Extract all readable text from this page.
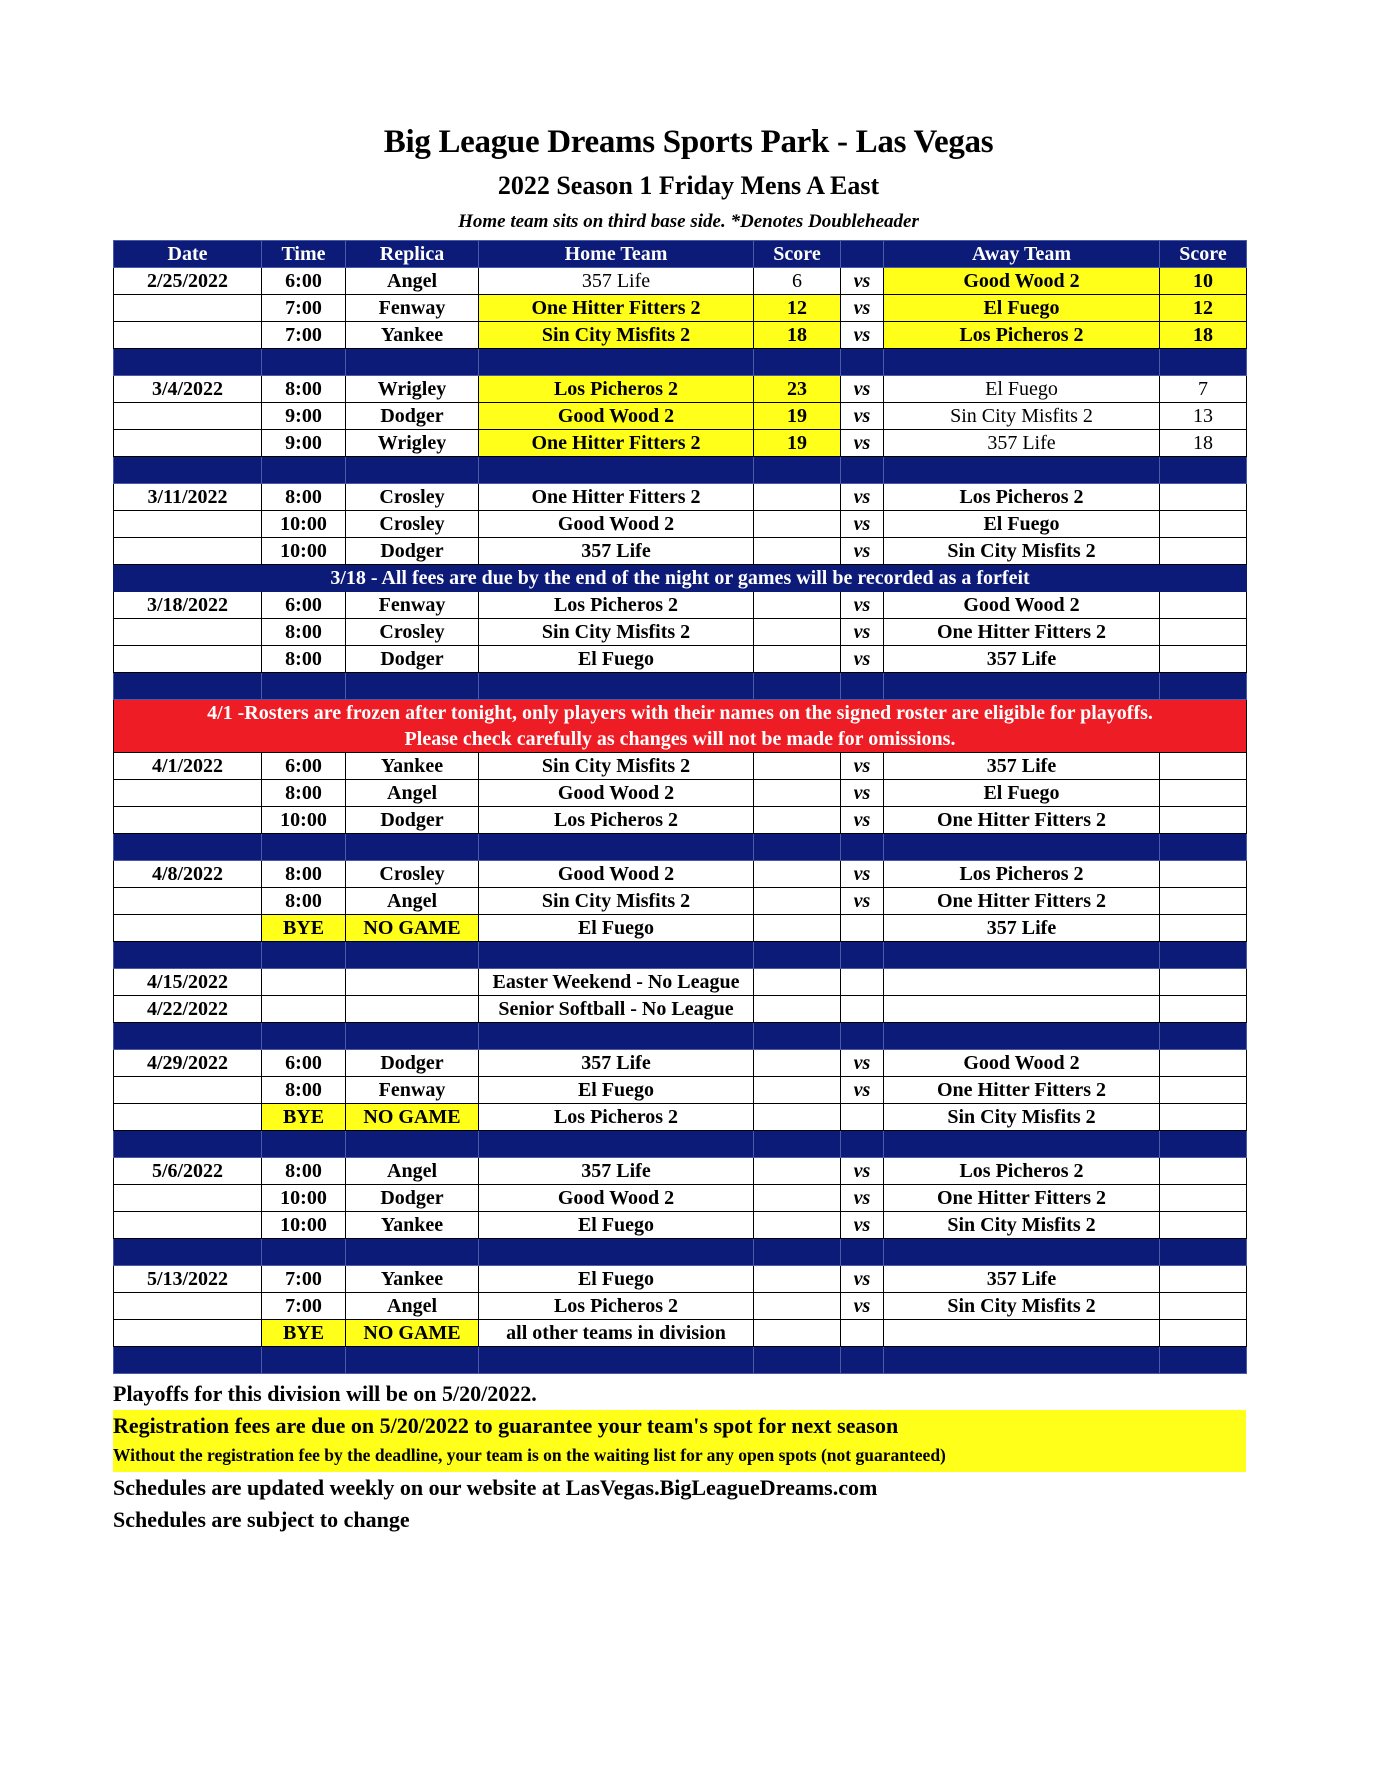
Big League Dreams Sports Park - Las Vegas
2022 Season 1 Friday Mens A East
Home team sits on third base side. *Denotes Doubleheader
Date	Time	Replica	Home Team	Score		Away Team	Score
2/25/2022	6:00	Angel	357 Life	6	vs	Good Wood 2	10
	7:00	Fenway	One Hitter Fitters 2	12	vs	El Fuego	12
	7:00	Yankee	Sin City Misfits 2	18	vs	Los Picheros 2	18

3/4/2022	8:00	Wrigley	Los Picheros 2	23	vs	El Fuego	7
	9:00	Dodger	Good Wood 2	19	vs	Sin City Misfits 2	13
	9:00	Wrigley	One Hitter Fitters 2	19	vs	357 Life	18

3/11/2022	8:00	Crosley	One Hitter Fitters 2		vs	Los Picheros 2	
	10:00	Crosley	Good Wood 2		vs	El Fuego	
	10:00	Dodger	357 Life		vs	Sin City Misfits 2	
3/18 - All fees are due by the end of the night or games will be recorded as a forfeit							
3/18/2022	6:00	Fenway	Los Picheros 2		vs	Good Wood 2	
	8:00	Crosley	Sin City Misfits 2		vs	One Hitter Fitters 2	
	8:00	Dodger	El Fuego		vs	357 Life	

4/1 -Rosters are frozen after tonight, only players with their names on the signed roster are eligible for playoffs.
Please check carefully as changes will not be made for omissions.							
4/1/2022	6:00	Yankee	Sin City Misfits 2		vs	357 Life	
	8:00	Angel	Good Wood 2		vs	El Fuego	
	10:00	Dodger	Los Picheros 2		vs	One Hitter Fitters 2	

4/8/2022	8:00	Crosley	Good Wood 2		vs	Los Picheros 2	
	8:00	Angel	Sin City Misfits 2		vs	One Hitter Fitters 2	
	BYE	NO GAME	El Fuego			357 Life	

4/15/2022			Easter Weekend - No League				
4/22/2022			Senior Softball - No League				

4/29/2022	6:00	Dodger	357 Life		vs	Good Wood 2	
	8:00	Fenway	El Fuego		vs	One Hitter Fitters 2	
	BYE	NO GAME	Los Picheros 2			Sin City Misfits 2	

5/6/2022	8:00	Angel	357 Life		vs	Los Picheros 2	
	10:00	Dodger	Good Wood 2		vs	One Hitter Fitters 2	
	10:00	Yankee	El Fuego		vs	Sin City Misfits 2	

5/13/2022	7:00	Yankee	El Fuego		vs	357 Life	
	7:00	Angel	Los Picheros 2		vs	Sin City Misfits 2	
	BYE	NO GAME	all other teams in division				

Playoffs for this division will be on 5/20/2022.
Registration fees are due on 5/20/2022 to guarantee your team's spot for next season
Without the registration fee by the deadline, your team is on the waiting list for any open spots (not guaranteed)
Schedules are updated weekly on our website at LasVegas.BigLeagueDreams.com
Schedules are subject to change
